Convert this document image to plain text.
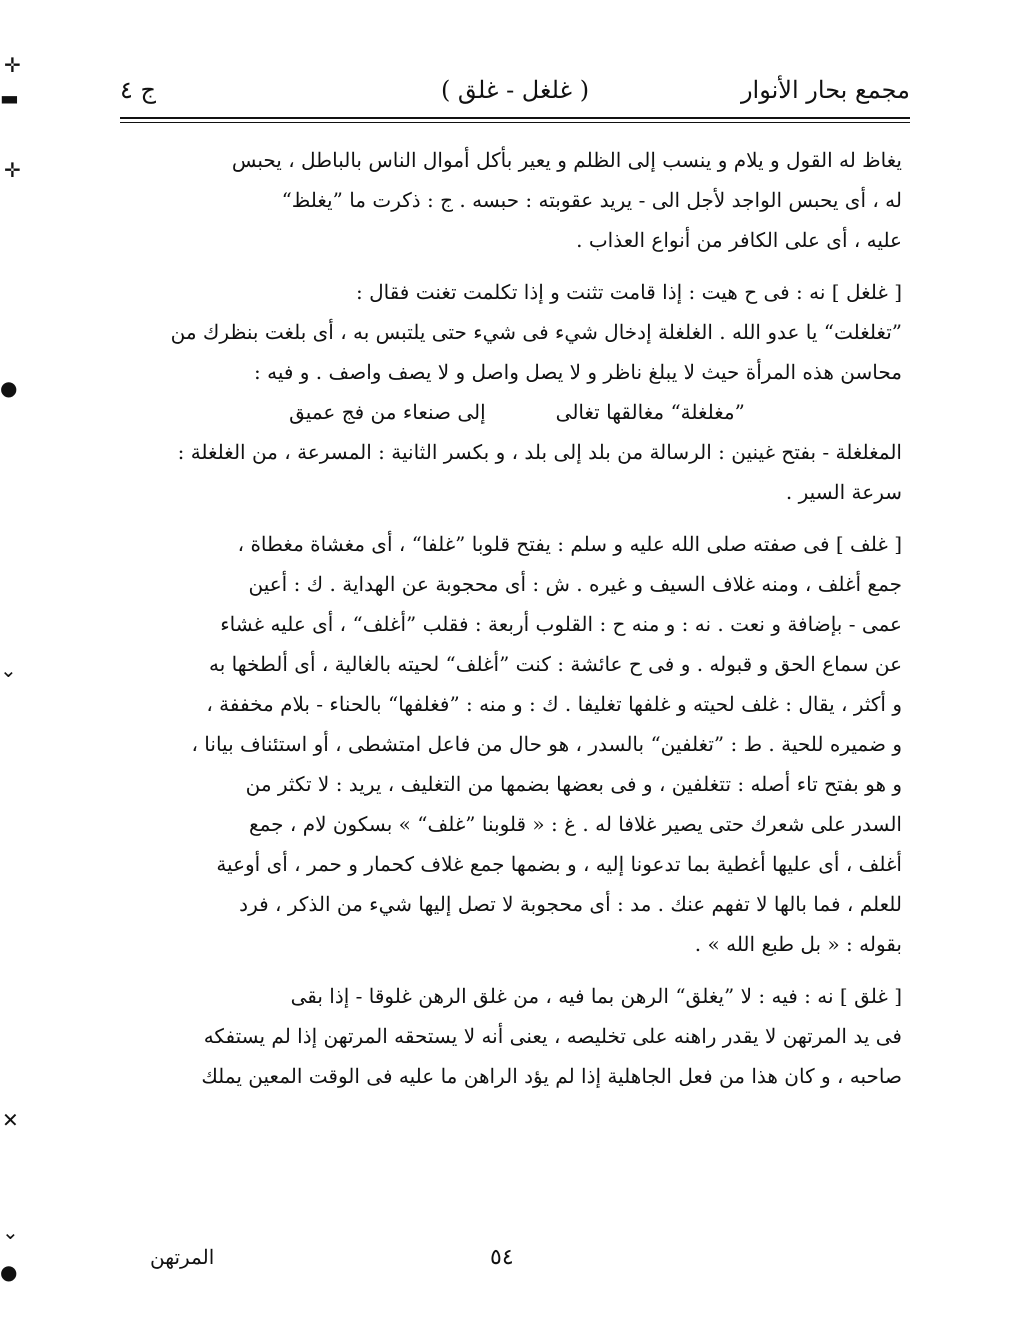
مجمع بحار الأنوار
( غلغل - غلق )
ج ٤

يغاظ له القول و يلام و ينسب إلى الظلم و يعير بأكل أموال الناس بالباطل ، يحبس

له ، أى يحبس الواجد لأجل الى - يريد عقوبته : حبسه . ج : ذكرت ما ”يغلظ“

عليه ، أى على الكافر من أنواع العذاب .

[ غلغل ] نه : فى ح هيت : إذا قامت تثنت و إذا تكلمت تغنت فقال :

”تغلغلت“ يا عدو الله . الغلغلة إدخال شيء فى شيء حتى يلتبس به ، أى بلغت بنظرك من

محاسن هذه المرأة حيث لا يبلغ ناظر و لا يصل واصل و لا يصف واصف . و فيه :

”مغلغلة“ مغالقها تغالى
إلى صنعاء من فج عميق

المغلغلة - بفتح غينين : الرسالة من بلد إلى بلد ، و بكسر الثانية : المسرعة ، من الغلغلة :

سرعة السير .

[ غلف ] فى صفته صلى الله عليه و سلم : يفتح قلوبا ”غلفا“ ، أى مغشاة مغطاة ،

جمع أغلف ، ومنه غلاف السيف و غيره . ش : أى محجوبة عن الهداية . ك : أعين

عمى - بإضافة و نعت . نه : و منه ح : القلوب أربعة : فقلب ”أغلف“ ، أى عليه غشاء

عن سماع الحق و قبوله . و فى ح عائشة : كنت ”أغلف“ لحيته بالغالية ، أى ألطخها به

و أكثر ، يقال : غلف لحيته و غلفها تغليفا . ك : و منه : ”فغلفها“ بالحناء - بلام مخففة ،

و ضميره للحية . ط : ”تغلفين“ بالسدر ، هو حال من فاعل امتشطى ، أو استئناف بيانا ،

و هو بفتح تاء أصله : تتغلفين ، و فى بعضها بضمها من التغليف ، يريد : لا تكثر من

السدر على شعرك حتى يصير غلافا له . غ : « قلوبنا ”غلف“ » بسكون لام ، جمع

أغلف ، أى عليها أغطية بما تدعونا إليه ، و بضمها جمع غلاف كحمار و حمر ، أى أوعية

للعلم ، فما بالها لا تفهم عنك . مد : أى محجوبة لا تصل إليها شيء من الذكر ، فرد

بقوله : « بل طبع الله » .

[ غلق ] نه : فيه : لا ”يغلق“ الرهن بما فيه ، من غلق الرهن غلوقا - إذا بقى

فى يد المرتهن لا يقدر راهنه على تخليصه ، يعنى أنه لا يستحقه المرتهن إذا لم يستفكه

صاحبه ، و كان هذا من فعل الجاهلية إذا لم يؤد الراهن ما عليه فى الوقت المعين يملك

المرتهن	٥٤
✛
▬
✛
●
⌄
✕
⌄
●
